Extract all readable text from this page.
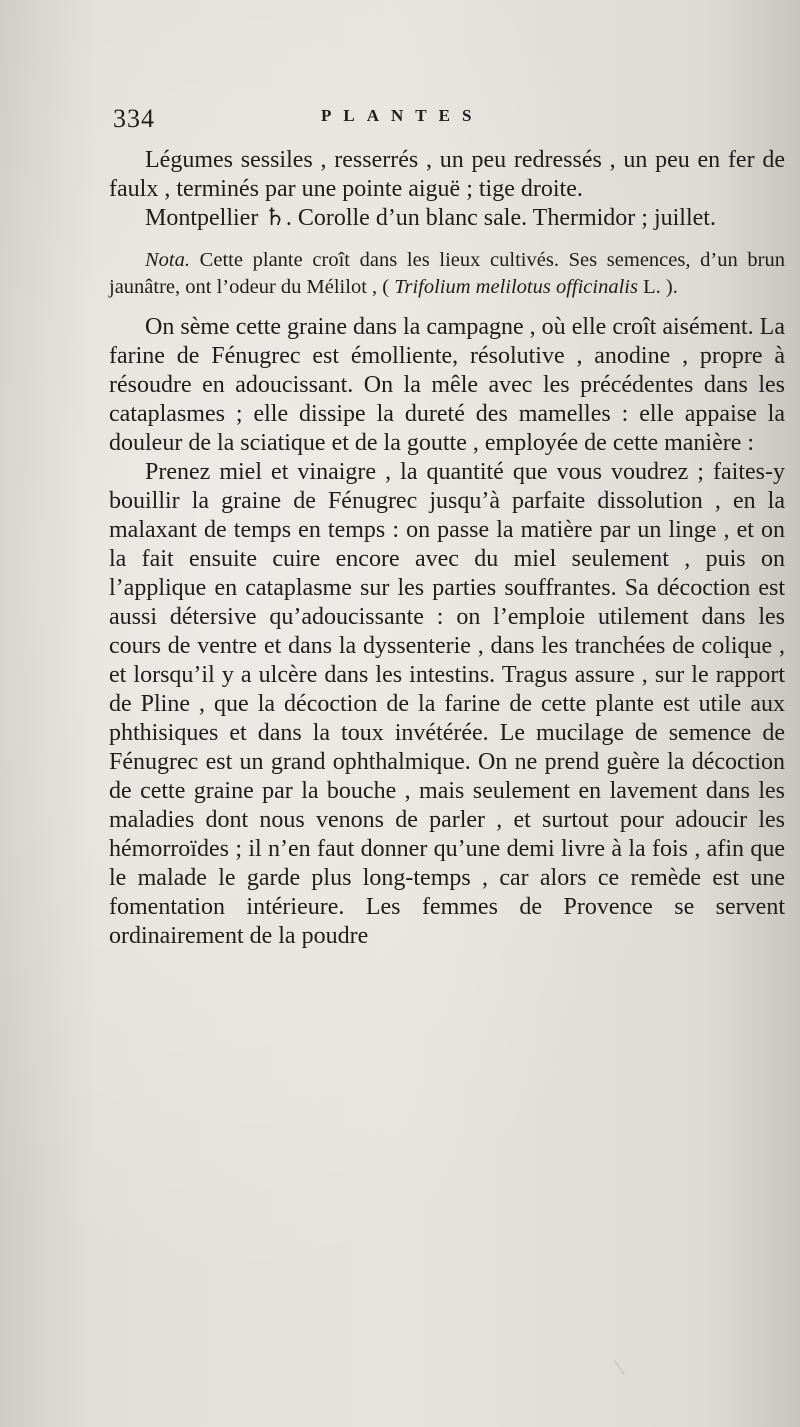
334	PLANTES

Légumes sessiles , resserrés , un peu redressés , un peu en fer de faulx , terminés par une pointe aiguë ; tige droite.

Montpellier ♄. Corolle d’un blanc sale. Thermidor ; juillet.

Nota. Cette plante croît dans les lieux cultivés. Ses semences, d’un brun jaunâtre, ont l’odeur du Mélilot , ( Trifolium melilotus officinalis L. ).

On sème cette graine dans la campagne , où elle croît aisément. La farine de Fénugrec est émolliente, résolutive , anodine , propre à résoudre en adoucissant. On la mêle avec les précédentes dans les cataplasmes ; elle dissipe la dureté des mamelles : elle appaise la douleur de la sciatique et de la goutte , employée de cette manière :

Prenez miel et vinaigre , la quantité que vous voudrez ; faites-y bouillir la graine de Fénugrec jusqu’à parfaite dissolution , en la malaxant de temps en temps : on passe la matière par un linge , et on la fait ensuite cuire encore avec du miel seulement , puis on l’applique en cataplasme sur les parties souffrantes. Sa décoction est aussi détersive qu’adoucissante : on l’emploie utilement dans les cours de ventre et dans la dyssenterie , dans les tranchées de colique , et lorsqu’il y a ulcère dans les intestins. Tragus assure , sur le rapport de Pline , que la décoction de la farine de cette plante est utile aux phthisiques et dans la toux invétérée. Le mucilage de semence de Fénugrec est un grand ophthalmique. On ne prend guère la décoction de cette graine par la bouche , mais seulement en lavement dans les maladies dont nous venons de parler , et surtout pour adoucir les hémorroïdes ; il n’en faut donner qu’une demi livre à la fois , afin que le malade le garde plus long-temps , car alors ce remède est une fomentation intérieure. Les femmes de Provence se servent ordinairement de la poudre
